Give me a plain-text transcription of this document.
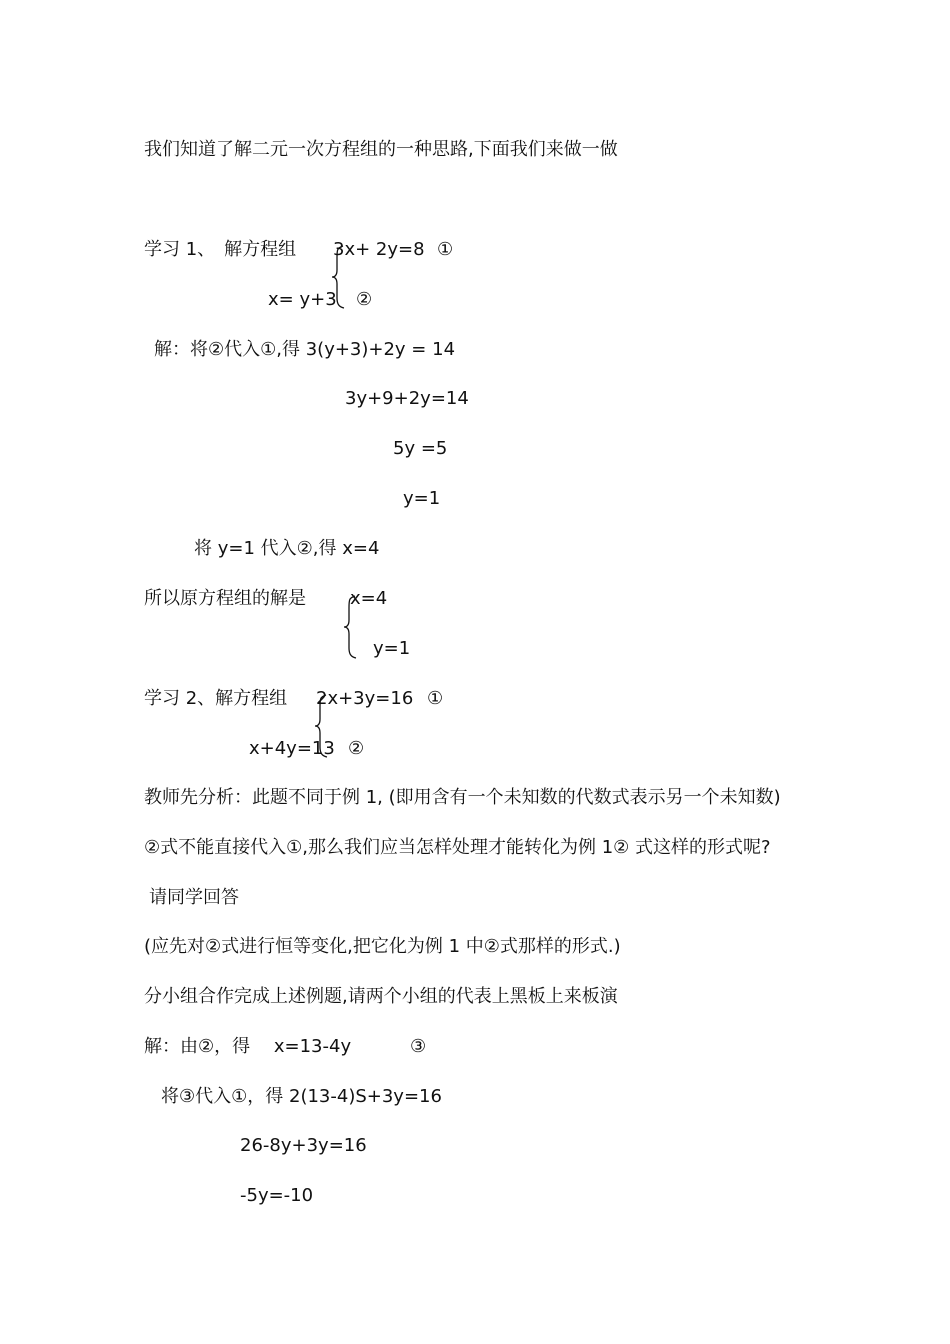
我们知道了解二元一次方程组的一种思路,下面我们来做一做
学习 1、　解方程组 3x+ 2y=8 ①
x= y+3 ②
解：将②代入①,得 3(y+3)+2y = 14
3y+9+2y=14
5y =5
y=1
将 y=1 代入②,得 x=4
所以原方程组的解是 x=4
y=1
学习 2、解方程组 2x+3y=16 ①
x+4y=13 ②
教师先分析：此题不同于例 1, (即用含有一个未知数的代数式表示另一个未知数)
②式不能直接代入①,那么我们应当怎样处理才能转化为例 1② 式这样的形式呢?
请同学回答
(应先对②式进行恒等变化,把它化为例 1 中②式那样的形式.)
分小组合作完成上述例题,请两个小组的代表上黑板上来板演
解：由②，得　 x=13-4y	③
将③代入①，得 2(13-4)S+3y=16
26-8y+3y=16
-5y=-10
